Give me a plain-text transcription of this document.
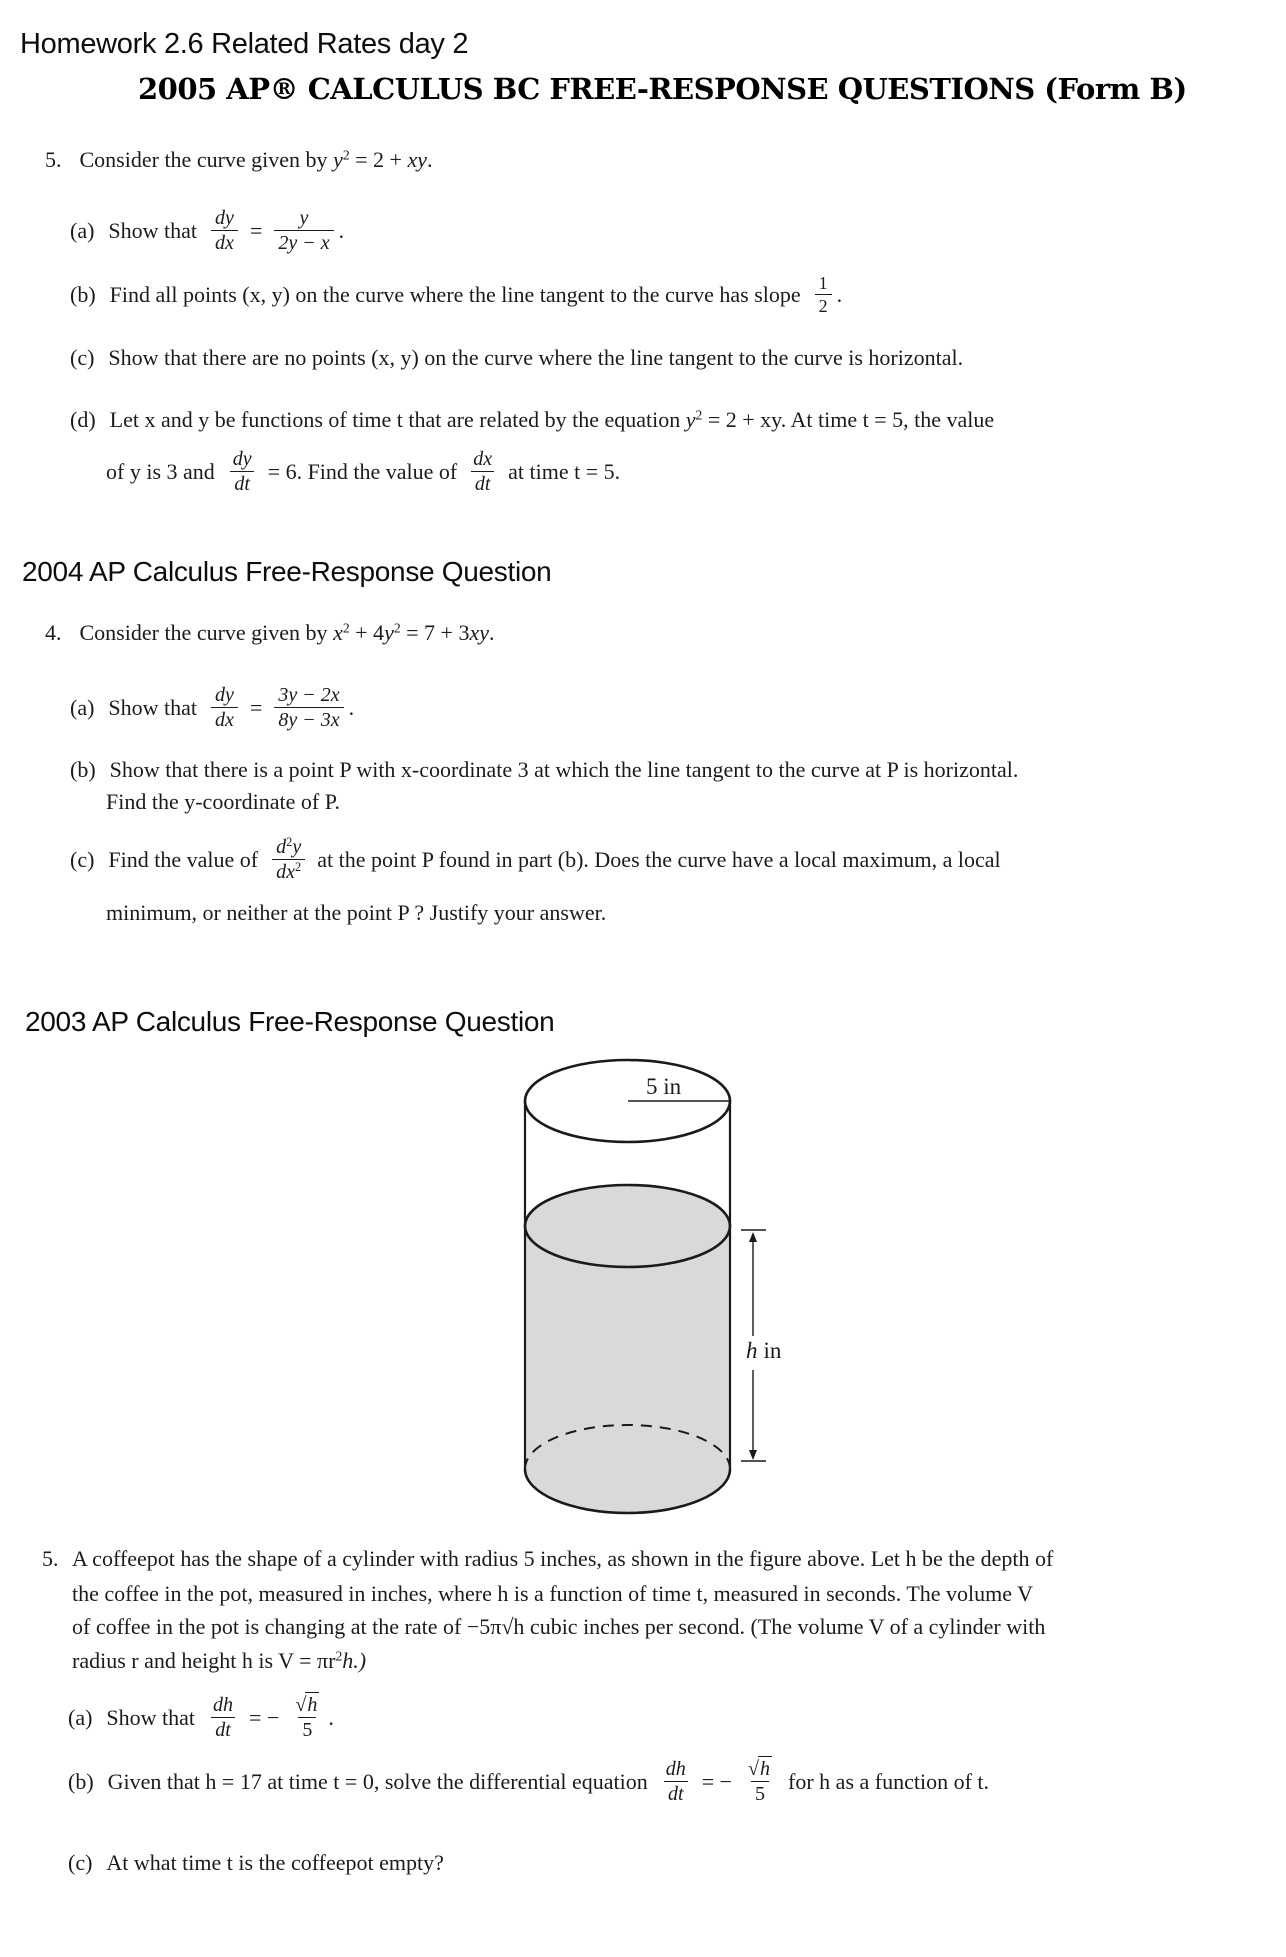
Homework 2.6 Related Rates day 2
2005 AP® CALCULUS BC FREE-RESPONSE QUESTIONS (Form B)
5. Consider the curve given by $y^2 = 2$ + xy.
(a) Show that $\frac{dy}{dx} = \frac{y}{2y - x}$ .
(b) Find all points (x, y) on the curve where the line tangent to the curve has slope $\frac{1}{2}$ .
(c) Show that there are no points (x, y) on the curve where the line tangent to the curve is horizontal.
(d) Let x and y be functions of time t that are related by the equation $y^2 = 2$ + xy. At time t = 5, the value
of y is 3 and $\frac{dy}{dt} = 6$. Find the value of $\frac{dx}{dt}$ at time t = 5.
2004 AP Calculus Free-Response Question
4. Consider the curve given by $x^2 + 4y^2 = 7 + 3xy$.
(a) Show that $\frac{dy}{dx} = \frac{3y - 2x}{8y - 3x}$ .
(b) Show that there is a point P with x-coordinate 3 at which the line tangent to the curve at P is horizontal.
Find the y-coordinate of P.
(c) Find the value of $\frac{d^2y}{dx^2}$ at the point P found in part (b). Does the curve have a local maximum, a local
minimum, or neither at the point P ? Justify your answer.
2003 AP Calculus Free-Response Question
5 in
h in
5. A coffeepot has the shape of a cylinder with radius 5 inches, as shown in the figure above. Let h be the depth of
the coffee in the pot, measured in inches, where h is a function of time t, measured in seconds. The volume V
of coffee in the pot is changing at the rate of −5π√h cubic inches per second. (The volume V of a cylinder with
radius r and height h is $V = \pi r^2h$.)
(a) Show that $\frac{dh}{dt}$ = − $\frac{√h}{5}$ .
(b) Given that h = 17 at time t = 0, solve the differential equation $\frac{dh}{dt}$ = − $\frac{√h}{5}$ for h as a function of t.
(c) At what time t is the coffeepot empty?
